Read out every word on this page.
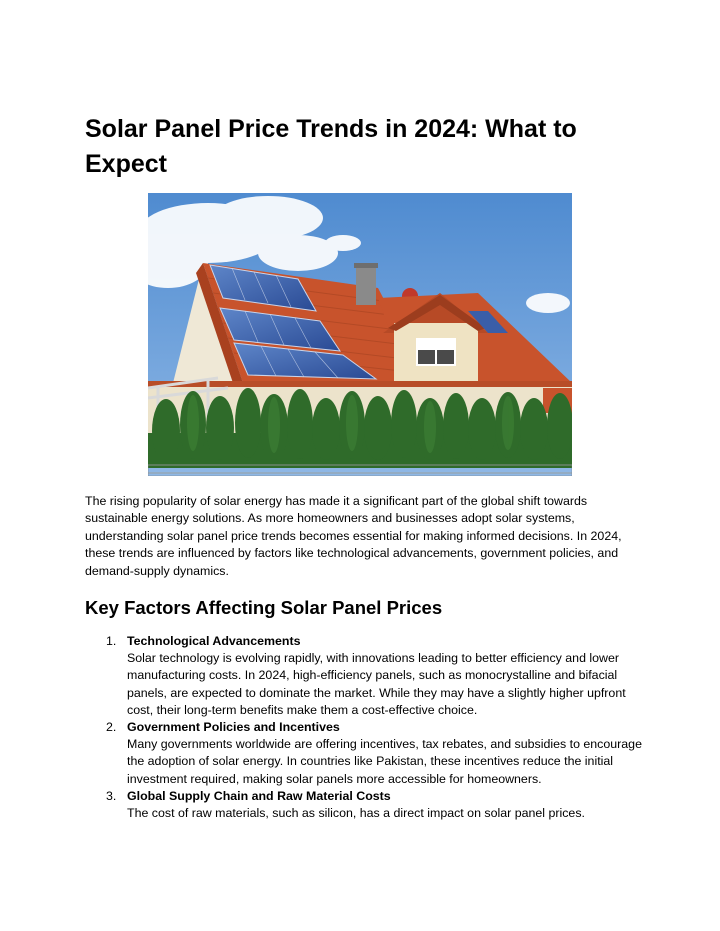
Solar Panel Price Trends in 2024: What to Expect

The rising popularity of solar energy has made it a significant part of the global shift towards sustainable energy solutions. As more homeowners and businesses adopt solar systems, understanding solar panel price trends becomes essential for making informed decisions. In 2024, these trends are influenced by factors like technological advancements, government policies, and demand-supply dynamics.

Key Factors Affecting Solar Panel Prices
1. Technological Advancements
Solar technology is evolving rapidly, with innovations leading to better efficiency and lower manufacturing costs. In 2024, high-efficiency panels, such as monocrystalline and bifacial panels, are expected to dominate the market. While they may have a slightly higher upfront cost, their long-term benefits make them a cost-effective choice.
2. Government Policies and Incentives
Many governments worldwide are offering incentives, tax rebates, and subsidies to encourage the adoption of solar energy. In countries like Pakistan, these incentives reduce the initial investment required, making solar panels more accessible for homeowners.
3. Global Supply Chain and Raw Material Costs
The cost of raw materials, such as silicon, has a direct impact on solar panel prices.
